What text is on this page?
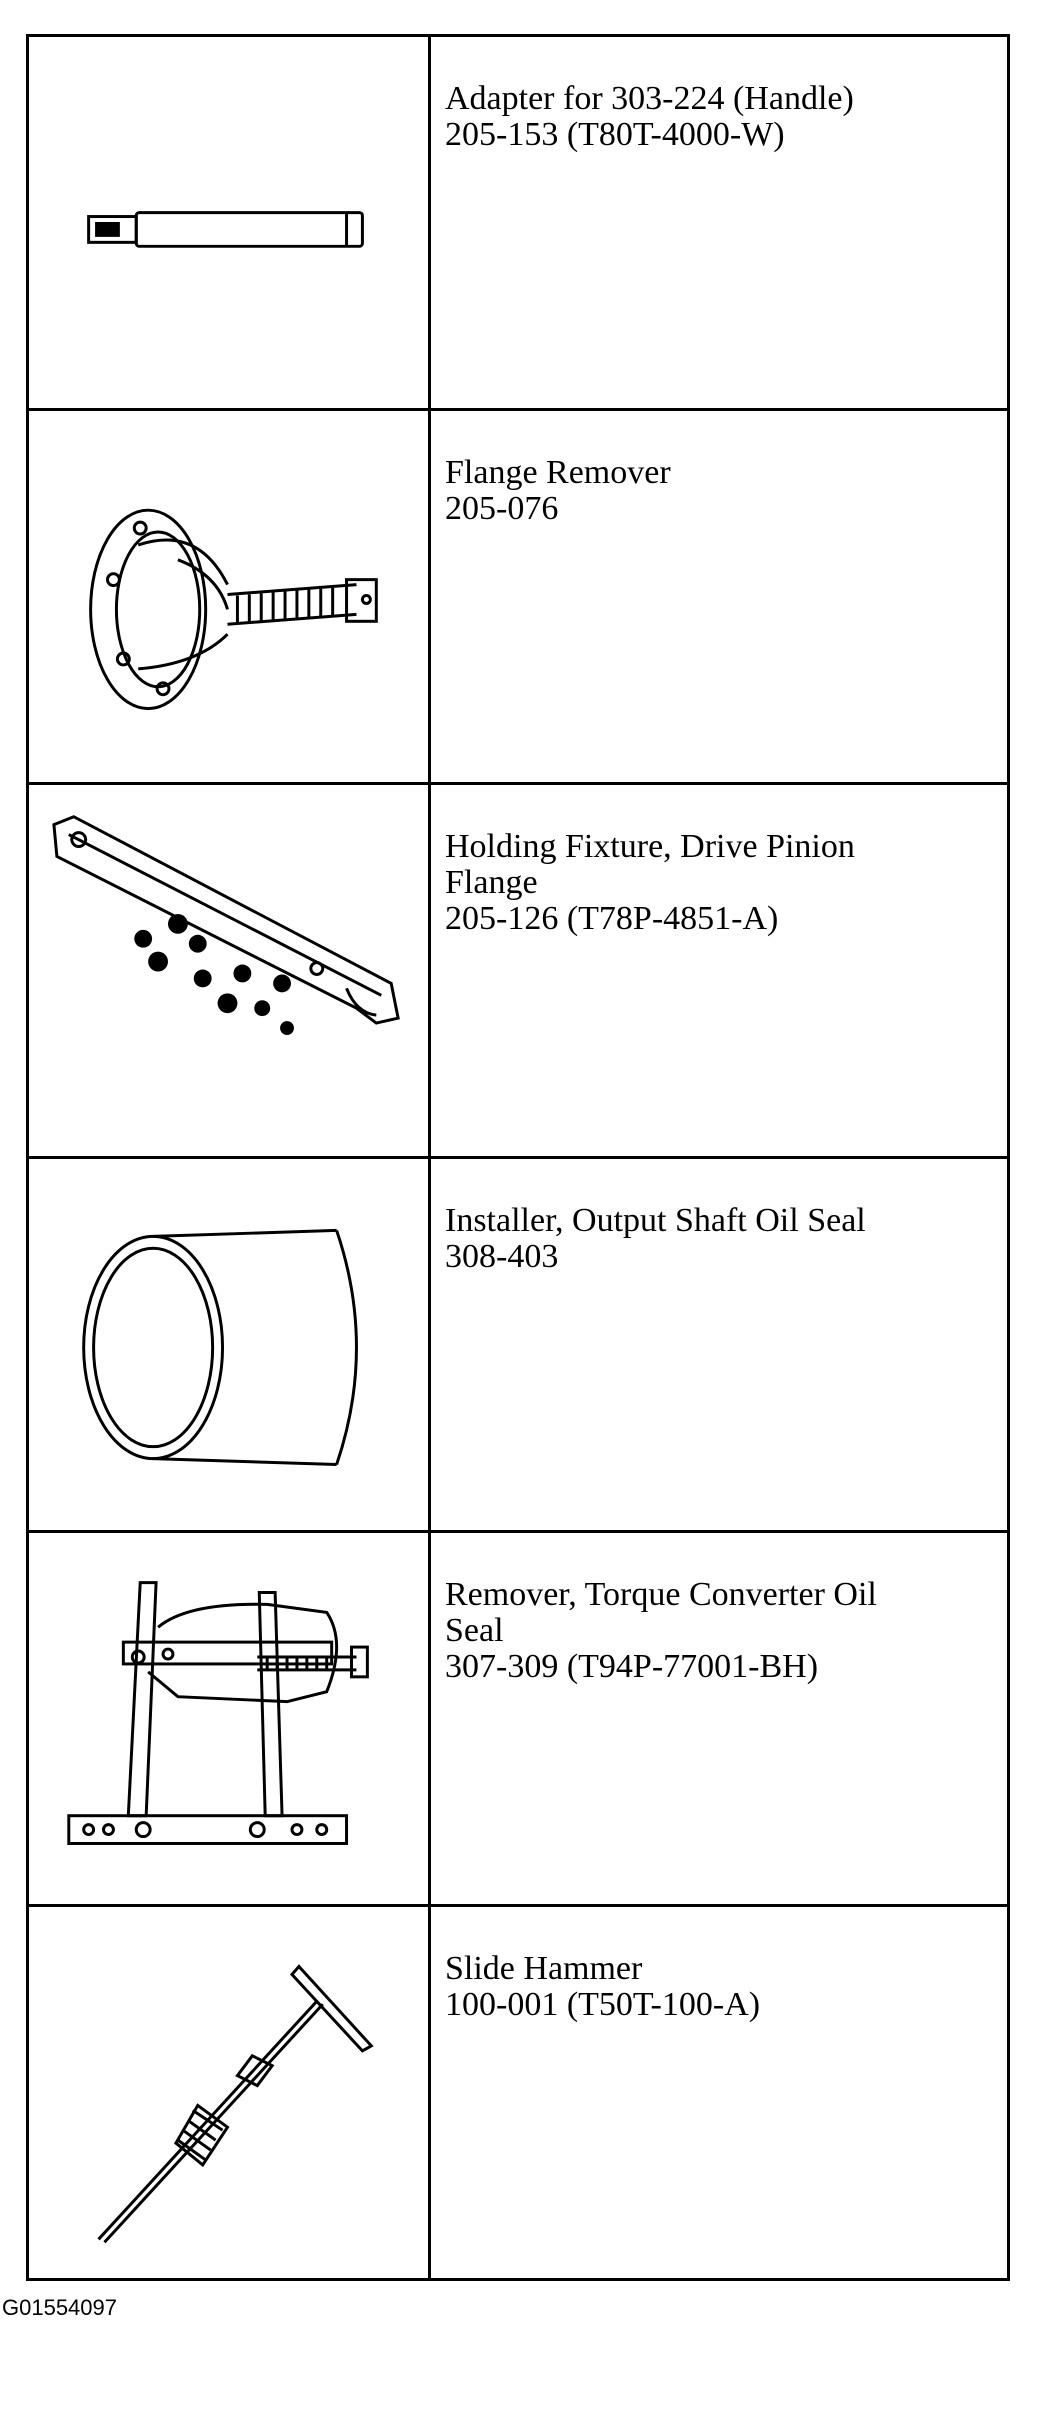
Adapter for 303-224 (Handle)
205-153 (T80T-4000-W)

Flange Remover
205-076

Holding Fixture, Drive Pinion
Flange
205-126 (T78P-4851-A)

Installer, Output Shaft Oil Seal
308-403

Remover, Torque Converter Oil
Seal
307-309 (T94P-77001-BH)

Slide Hammer
100-001 (T50T-100-A)
G01554097
